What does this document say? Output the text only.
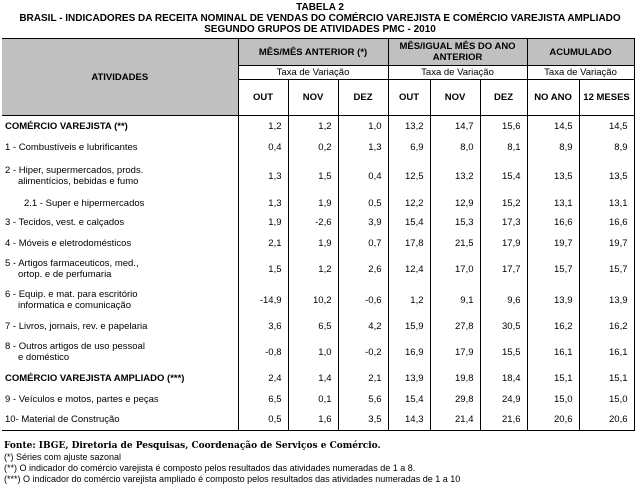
TABELA 2
BRASIL - INDICADORES DA RECEITA NOMINAL DE VENDAS DO COMÉRCIO VAREJISTA E COMÉRCIO VAREJISTA AMPLIADO
SEGUNDO GRUPOS DE ATIVIDADES PMC - 2010
ATIVIDADES	MÊS/MÊS ANTERIOR (*)			MÊS/IGUAL MÊS DO ANO ANTERIOR			ACUMULADO	
	Taxa de Variação			Taxa de Variação			Taxa de Variação	
	OUT	NOV	DEZ	OUT	NOV	DEZ	NO ANO	12 MESES

COMÉRCIO VAREJISTA (**)	1,2	1,2	1,0	13,2	14,7	15,6	14,5	14,5

1 - Combustíveis e lubrificantes	0,4	0,2	1,3	6,9	8,0	8,1	8,9	8,9

2 - Hiper, supermercados, prods.
alimentícios, bebidas e fumo	1,3	1,5	0,4	12,5	13,2	15,4	13,5	13,5

2.1 - Super e hipermercados	1,3	1,9	0,5	12,2	12,9	15,2	13,1	13,1

3 - Tecidos, vest. e calçados	1,9	-2,6	3,9	15,4	15,3	17,3	16,6	16,6

4 - Móveis e eletrodomésticos	2,1	1,9	0,7	17,8	21,5	17,9	19,7	19,7

5 - Artigos farmaceuticos, med.,
ortop. e de perfumaria	1,5	1,2	2,6	12,4	17,0	17,7	15,7	15,7

6 - Equip. e mat. para escritório
informatica e comunicação	-14,9	10,2	-0,6	1,2	9,1	9,6	13,9	13,9

7 - Livros, jornais, rev. e papelaria	3,6	6,5	4,2	15,9	27,8	30,5	16,2	16,2

8 - Outros artigos de uso pessoal
e doméstico	-0,8	1,0	-0,2	16,9	17,9	15,5	16,1	16,1

COMÉRCIO VAREJISTA AMPLIADO (***)	2,4	1,4	2,1	13,9	19,8	18,4	15,1	15,1

9 - Veículos e motos, partes e peças	6,5	0,1	5,6	15,4	29,8	24,9	15,0	15,0

10- Material de Construção	0,5	1,6	3,5	14,3	21,4	21,6	20,6	20,6
Fonte: IBGE, Diretoria de Pesquisas, Coordenação de Serviços e Comércio.
(*) Séries com ajuste sazonal
(**) O indicador do comércio varejista é composto pelos resultados das atividades numeradas de 1 a 8.
(***) O indicador do comércio varejista ampliado é composto pelos resultados das atividades numeradas de 1 a 10
